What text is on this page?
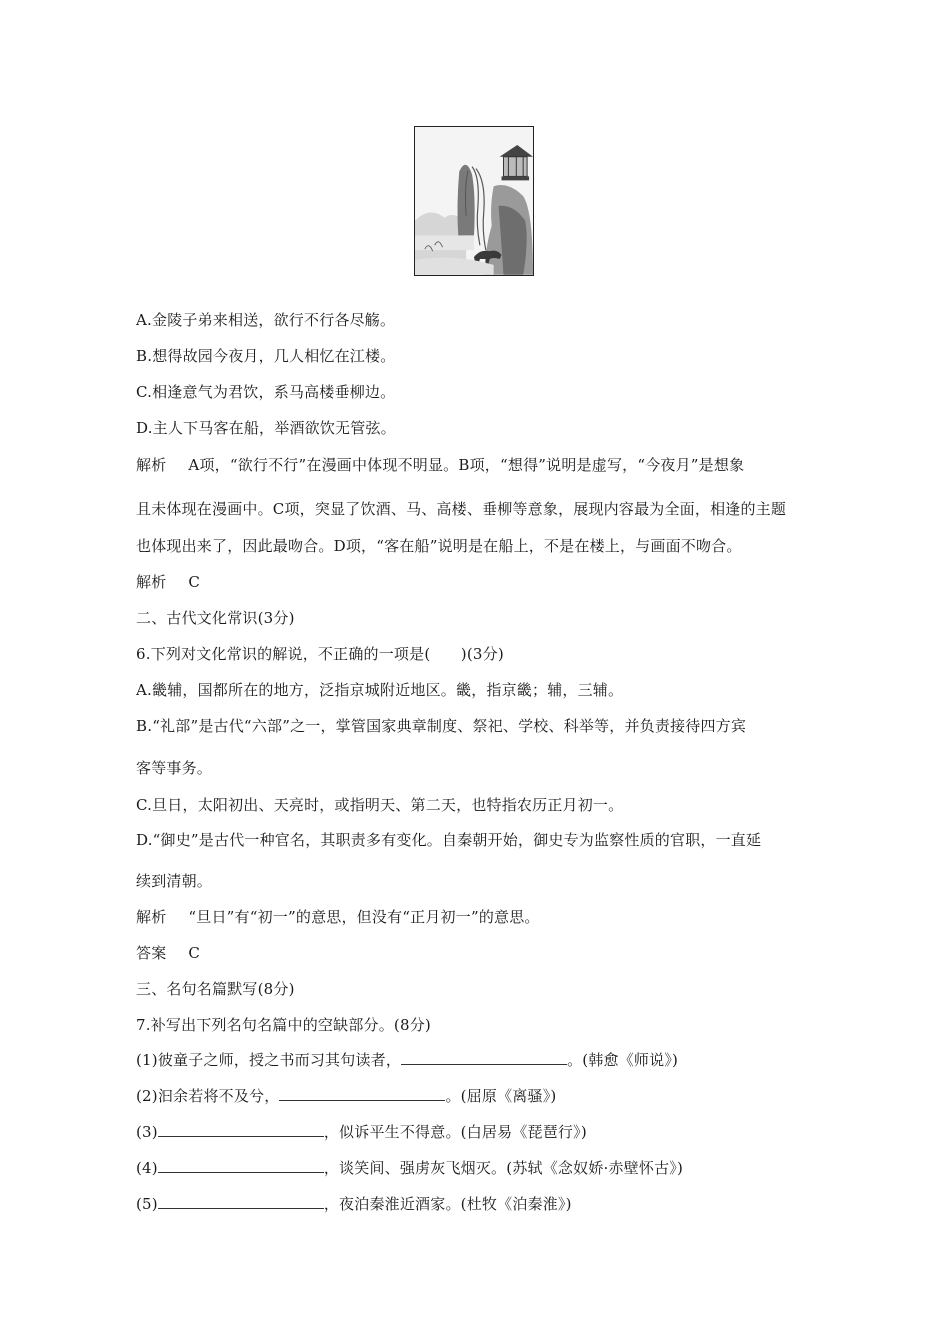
A.金陵子弟来相送，欲行不行各尽觞。
B.想得故园今夜月，几人相忆在江楼。
C.相逢意气为君饮，系马高楼垂柳边。
D.主人下马客在船，举酒欲饮无管弦。
解析 A项，“欲行不行”在漫画中体现不明显。B项，“想得”说明是虚写，“今夜月”是想象
且未体现在漫画中。C项，突显了饮酒、马、高楼、垂柳等意象，展现内容最为全面，相逢的主题
也体现出来了，因此最吻合。D项，“客在船”说明是在船上，不是在楼上，与画面不吻合。
解析 C
二、古代文化常识(3分)
6.下列对文化常识的解说，不正确的一项是(　　)(3分)
A.畿辅，国都所在的地方，泛指京城附近地区。畿，指京畿；辅，三辅。
B.“礼部”是古代“六部”之一，掌管国家典章制度、祭祀、学校、科举等，并负责接待四方宾
客等事务。
C.旦日，太阳初出、天亮时，或指明天、第二天，也特指农历正月初一。
D.“御史”是古代一种官名，其职责多有变化。自秦朝开始，御史专为监察性质的官职，一直延
续到清朝。
解析 “旦日”有“初一”的意思，但没有“正月初一”的意思。
答案 C
三、名句名篇默写(8分)
7.补写出下列名句名篇中的空缺部分。(8分)
(1)彼童子之师，授之书而习其句读者，	。(韩愈《师说》)
(2)汩余若将不及兮，	。(屈原《离骚》)
(3)	，似诉平生不得意。(白居易《琵琶行》)
(4)	，谈笑间、强虏灰飞烟灭。(苏轼《念奴娇·赤壁怀古》)
(5)	，夜泊秦淮近酒家。(杜牧《泊秦淮》)
